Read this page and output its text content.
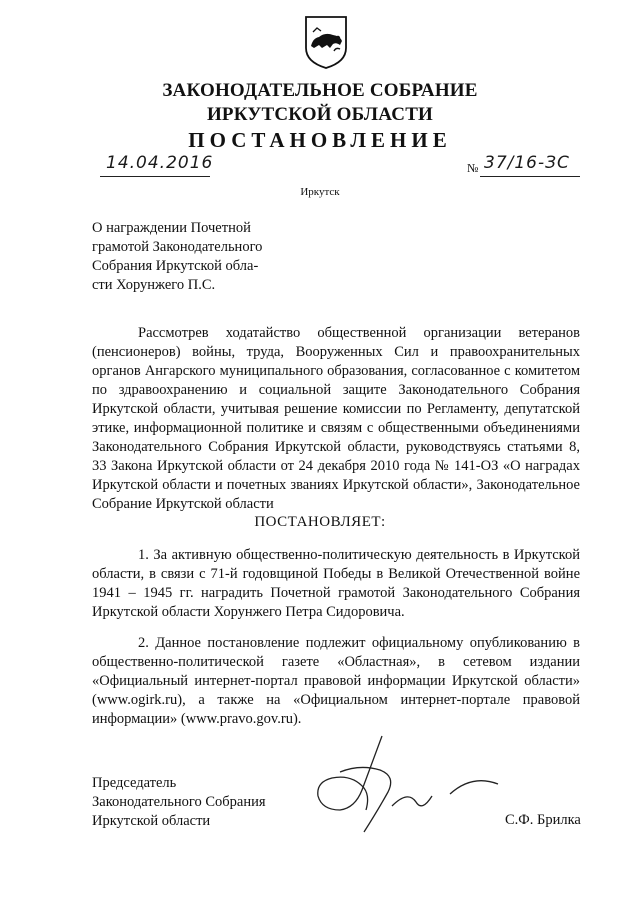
ЗАКОНОДАТЕЛЬНОЕ СОБРАНИЕ
ИРКУТСКОЙ ОБЛАСТИ
ПОСТАНОВЛЕНИЕ
14.04.2016	№ 37/16-ЗС
Иркутск
О награждении Почетной
грамотой Законодательного
Собрания Иркутской обла-
сти Хорунжего П.С.
Рассмотрев ходатайство общественной организации ветеранов (пенсионеров) войны, труда, Вооруженных Сил и правоохранительных органов Ангарского муниципального образования, согласованное с комитетом по здравоохранению и социальной защите Законодательного Собрания Иркутской области, учитывая решение комиссии по Регламенту, депутатской этике, информационной политике и связям с общественными объединениями Законодательного Собрания Иркутской области, руководствуясь статьями 8, 33 Закона Иркутской области от 24 декабря 2010 года № 141-ОЗ «О наградах Иркутской области и почетных званиях Иркутской области», Законодательное Собрание Иркутской области
ПОСТАНОВЛЯЕТ:
1. За активную общественно-политическую деятельность в Иркутской области, в связи с 71-й годовщиной Победы в Великой Отечественной войне 1941 – 1945 гг. наградить Почетной грамотой Законодательного Собрания Иркутской области Хорунжего Петра Сидоровича.
2. Данное постановление подлежит официальному опубликованию в общественно-политической газете «Областная», в сетевом издании «Официальный интернет-портал правовой информации Иркутской области» (www.ogirk.ru), а также на «Официальном интернет-портале правовой информации» (www.pravo.gov.ru).
Председатель
Законодательного Собрания
Иркутской области	С.Ф. Брилка
